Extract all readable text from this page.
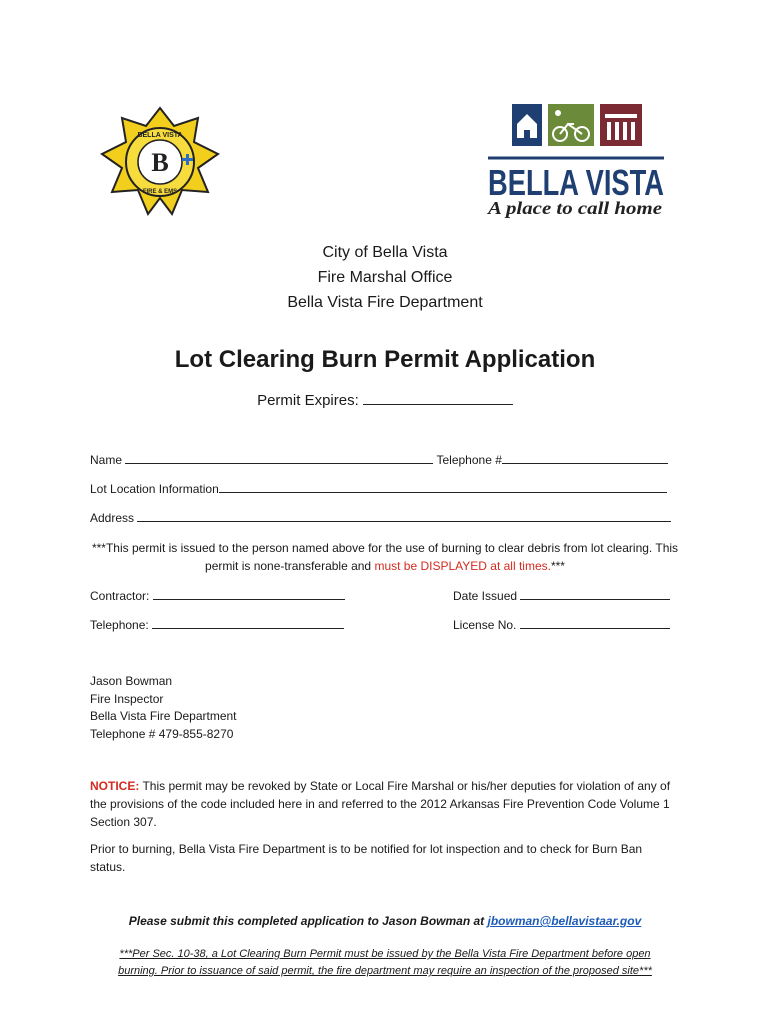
B
BELLA VISTA
FIRE & EMS	BELLA VISTA
A place to call home
City of Bella Vista
Fire Marshal Office
Bella Vista Fire Department
Lot Clearing Burn Permit Application
Permit Expires:
Name	Telephone #
Lot Location Information
Address
***This permit is issued to the person named above for the use of burning to clear debris from lot clearing. This permit is none-transferable and must be DISPLAYED at all times.***
Contractor:	Date Issued
Telephone:	License No.
Jason Bowman
Fire Inspector
Bella Vista Fire Department
Telephone # 479-855-8270
NOTICE: This permit may be revoked by State or Local Fire Marshal or his/her deputies for violation of any of the provisions of the code included here in and referred to the 2012 Arkansas Fire Prevention Code Volume 1 Section 307.
Prior to burning, Bella Vista Fire Department is to be notified for lot inspection and to check for Burn Ban status.
Please submit this completed application to Jason Bowman at jbowman@bellavistaar.gov
***Per Sec. 10-38, a Lot Clearing Burn Permit must be issued by the Bella Vista Fire Department before open
burning. Prior to issuance of said permit, the fire department may require an inspection of the proposed site***
